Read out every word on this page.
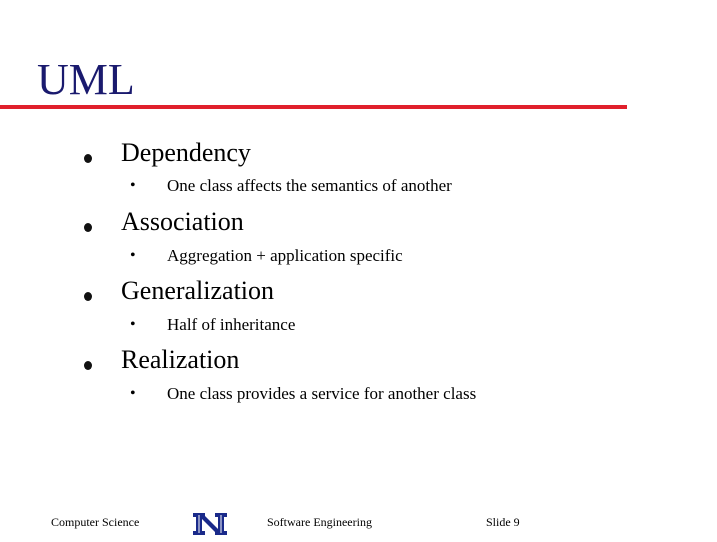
UML
Dependency
• One class affects the semantics of another
Association
• Aggregation + application specific
Generalization
• Half of inheritance
Realization
• One class provides a service for another class
Computer Science	Software Engineering	Slide 9
